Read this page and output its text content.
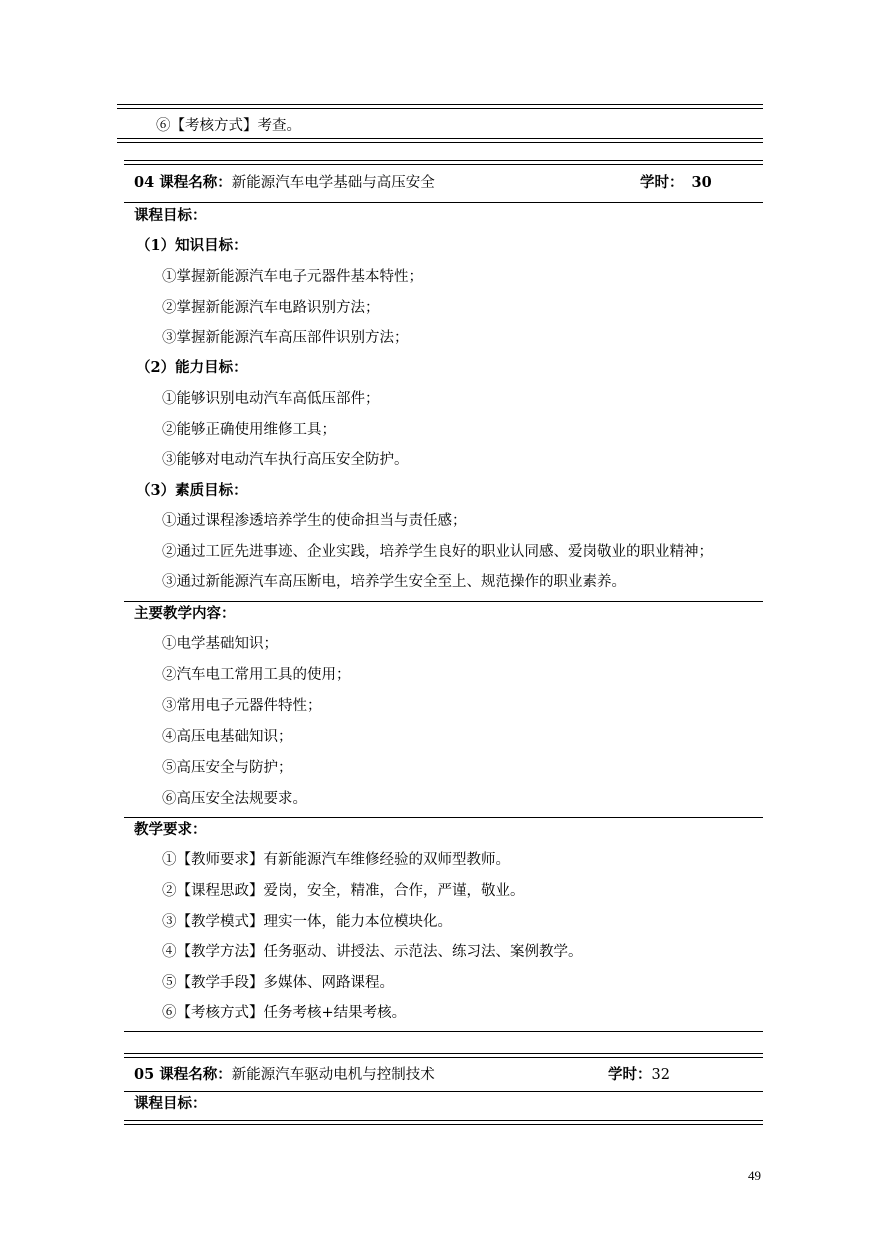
⑥【考核方式】考查。
04 课程名称：新能源汽车电学基础与高压安全	学时： 30
课程目标：
（1）知识目标：
①掌握新能源汽车电子元器件基本特性；
②掌握新能源汽车电路识别方法；
③掌握新能源汽车高压部件识别方法；
（2）能力目标：
①能够识别电动汽车高低压部件；
②能够正确使用维修工具；
③能够对电动汽车执行高压安全防护。
（3）素质目标：
①通过课程渗透培养学生的使命担当与责任感；
②通过工匠先进事迹、企业实践，培养学生良好的职业认同感、爱岗敬业的职业精神；
③通过新能源汽车高压断电，培养学生安全至上、规范操作的职业素养。
主要教学内容：
①电学基础知识；
②汽车电工常用工具的使用；
③常用电子元器件特性；
④高压电基础知识；
⑤高压安全与防护；
⑥高压安全法规要求。
教学要求：
①【教师要求】有新能源汽车维修经验的双师型教师。
②【课程思政】爱岗，安全，精准，合作，严谨，敬业。
③【教学模式】理实一体，能力本位模块化。
④【教学方法】任务驱动、讲授法、示范法、练习法、案例教学。
⑤【教学手段】多媒体、网路课程。
⑥【考核方式】任务考核+结果考核。
05 课程名称：新能源汽车驱动电机与控制技术	学时：32
课程目标：
49
